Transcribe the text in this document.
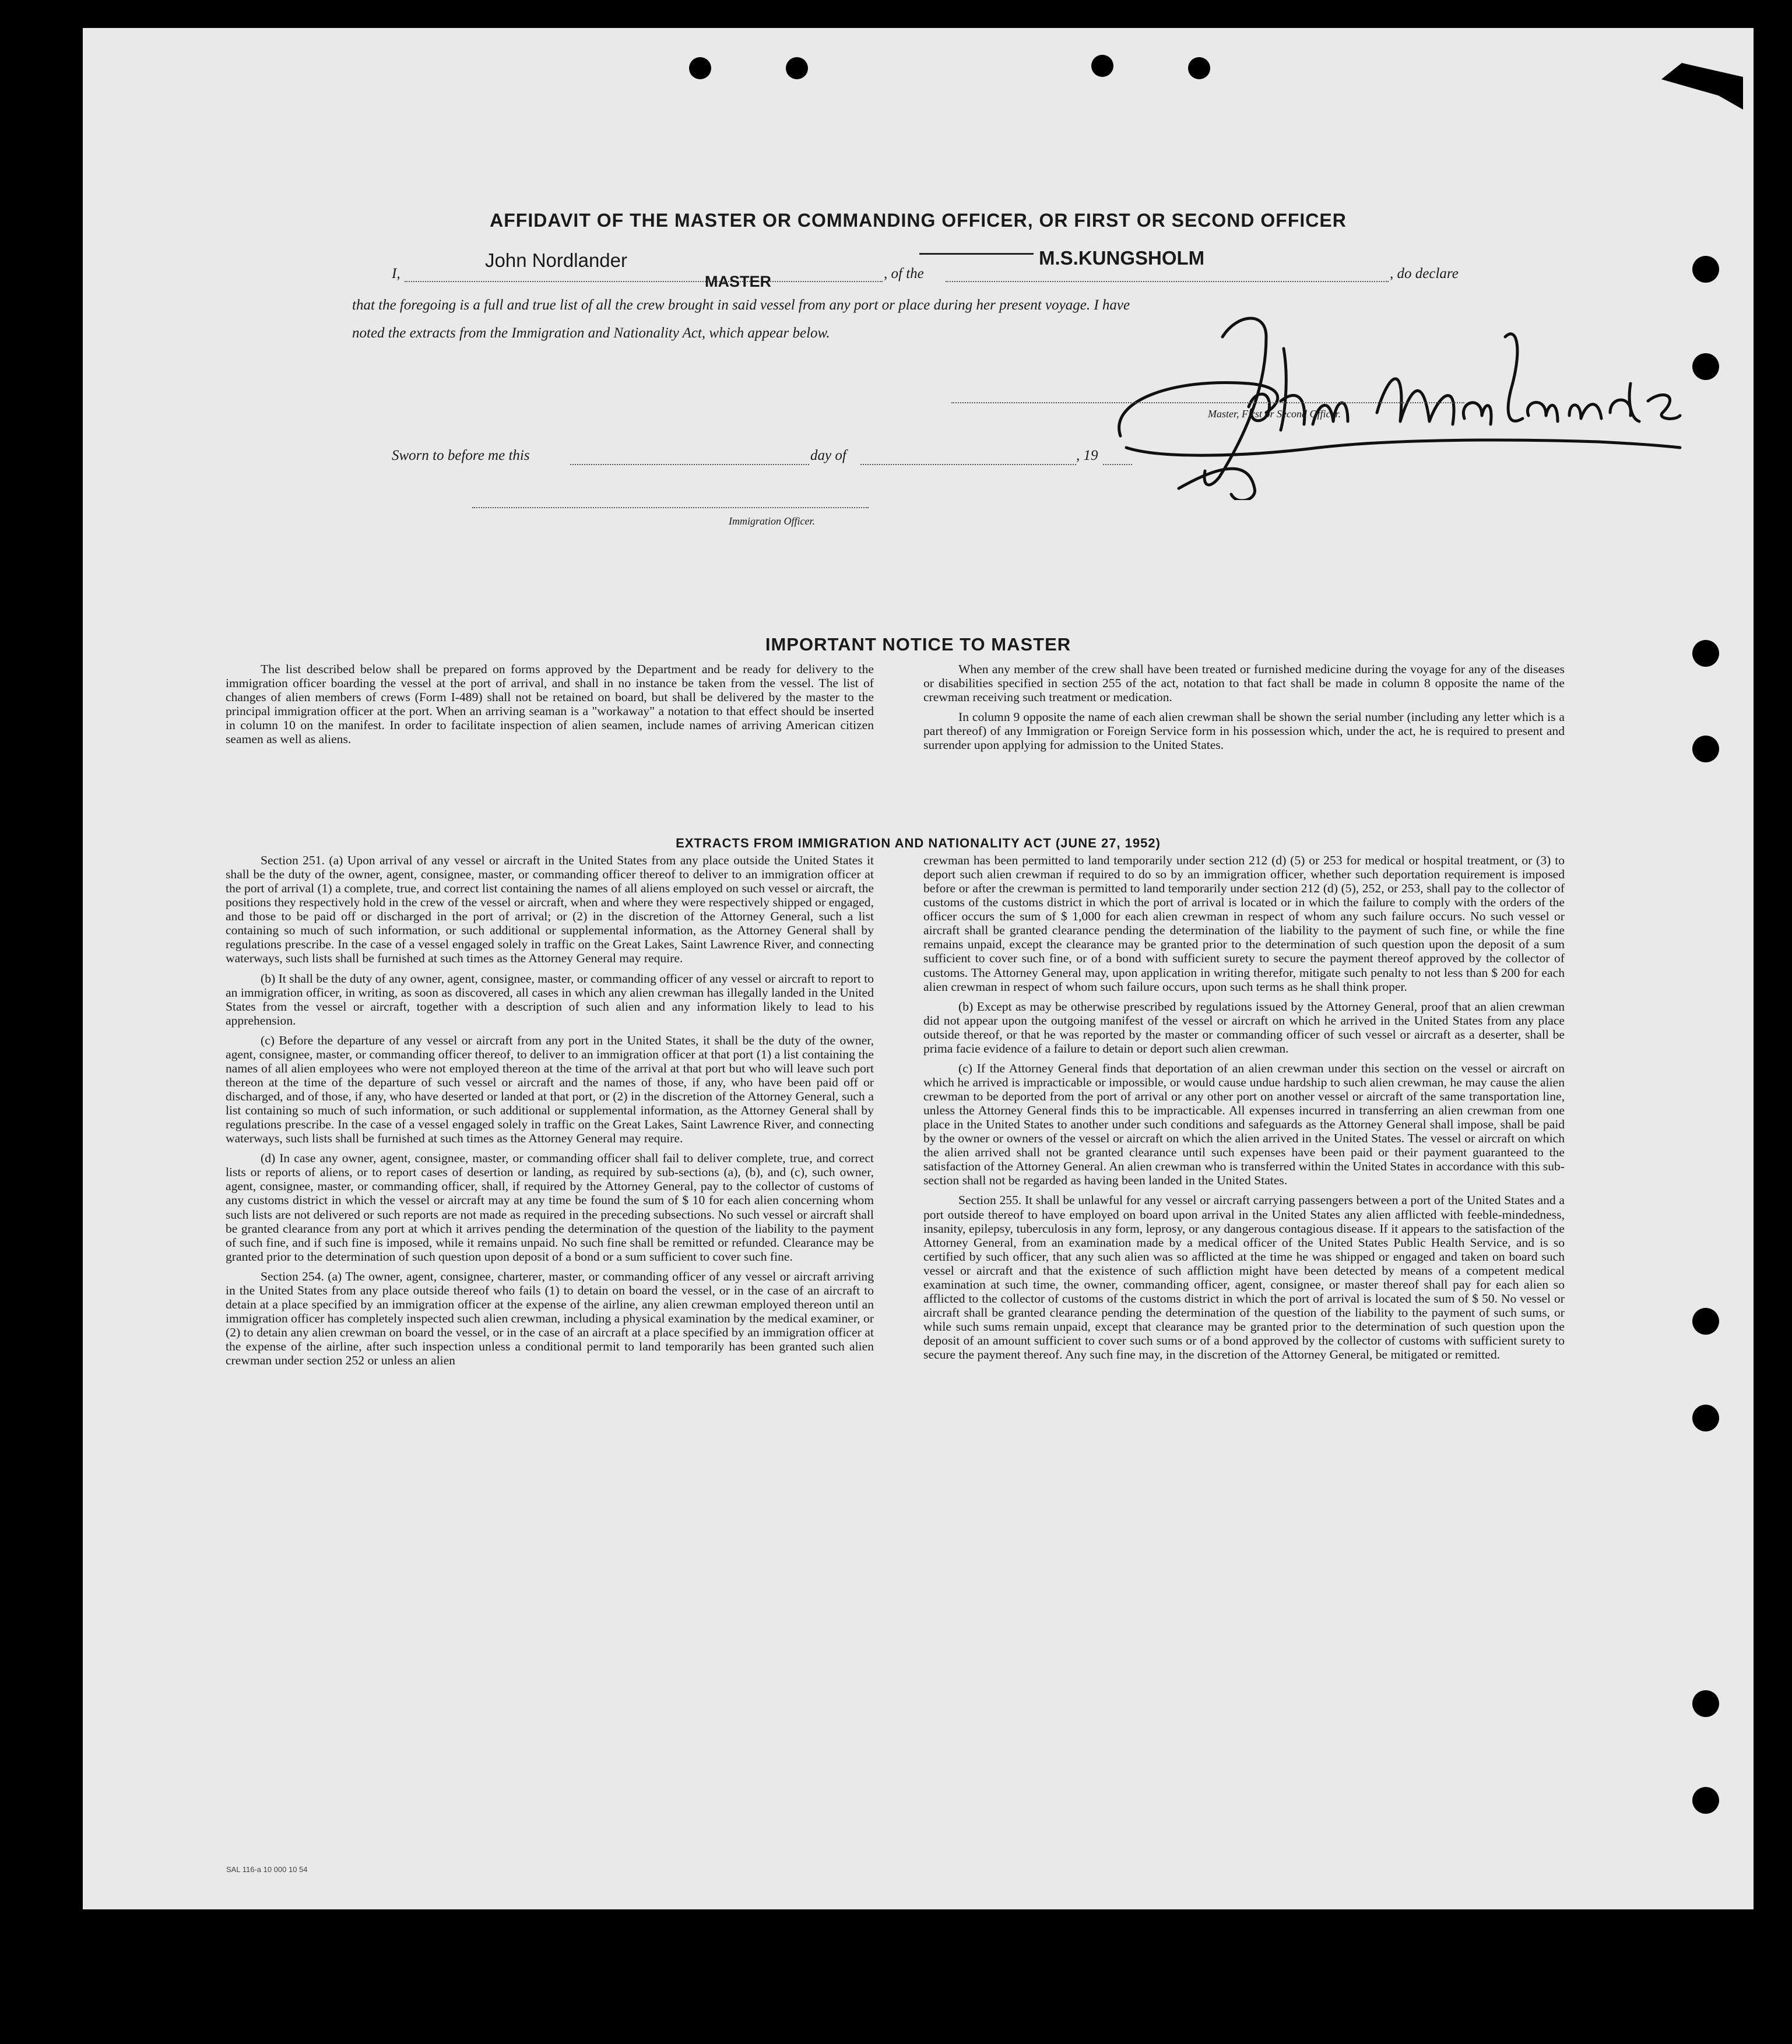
AFFIDAVIT OF THE MASTER OR COMMANDING OFFICER, OR FIRST OR SECOND OFFICER
I,
John Nordlander
MASTER	, of the
M.S.KUNGSHOLM
, do declare
that the foregoing is a full and true list of all the crew brought in said vessel from any port or place during her present voyage. I have
noted the extracts from the Immigration and Nationality Act, which appear below.
Master, First or Second Officer.
Sworn to before me this	day of	, 19
Immigration Officer.
IMPORTANT NOTICE TO MASTER

The list described below shall be prepared on forms approved by the Department and be ready for delivery to the immigration officer boarding the vessel at the port of arrival, and shall in no instance be taken from the vessel. The list of changes of alien members of crews (Form I-489) shall not be retained on board, but shall be delivered by the master to the principal immigration officer at the port. When an arriving seaman is a "workaway" a notation to that effect should be inserted in column 10 on the manifest. In order to facilitate inspection of alien seamen, include names of arriving American citizen seamen as well as aliens.

When any member of the crew shall have been treated or furnished medicine during the voyage for any of the diseases or disabilities specified in section 255 of the act, notation to that fact shall be made in column 8 opposite the name of the crewman receiving such treatment or medication.

In column 9 opposite the name of each alien crewman shall be shown the serial number (including any letter which is a part thereof) of any Immigration or Foreign Service form in his possession which, under the act, he is required to present and surrender upon applying for admission to the United States.

EXTRACTS FROM IMMIGRATION AND NATIONALITY ACT (JUNE 27, 1952)

Section 251. (a) Upon arrival of any vessel or aircraft in the United States from any place outside the United States it shall be the duty of the owner, agent, consignee, master, or commanding officer thereof to deliver to an immigration officer at the port of arrival (1) a complete, true, and correct list containing the names of all aliens employed on such vessel or aircraft, the positions they respectively hold in the crew of the vessel or aircraft, when and where they were respectively shipped or engaged, and those to be paid off or discharged in the port of arrival; or (2) in the discretion of the Attorney General, such a list containing so much of such information, or such additional or supplemental information, as the Attorney General shall by regulations prescribe. In the case of a vessel engaged solely in traffic on the Great Lakes, Saint Lawrence River, and connecting waterways, such lists shall be furnished at such times as the Attorney General may require.

(b) It shall be the duty of any owner, agent, consignee, master, or commanding officer of any vessel or aircraft to report to an immigration officer, in writing, as soon as discovered, all cases in which any alien crewman has illegally landed in the United States from the vessel or aircraft, together with a description of such alien and any information likely to lead to his apprehension.

(c) Before the departure of any vessel or aircraft from any port in the United States, it shall be the duty of the owner, agent, consignee, master, or commanding officer thereof, to deliver to an immigration officer at that port (1) a list containing the names of all alien employees who were not employed thereon at the time of the arrival at that port but who will leave such port thereon at the time of the departure of such vessel or aircraft and the names of those, if any, who have been paid off or discharged, and of those, if any, who have deserted or landed at that port, or (2) in the discretion of the Attorney General, such a list containing so much of such information, or such additional or supplemental information, as the Attorney General shall by regulations prescribe. In the case of a vessel engaged solely in traffic on the Great Lakes, Saint Lawrence River, and connecting waterways, such lists shall be furnished at such times as the Attorney General may require.

(d) In case any owner, agent, consignee, master, or commanding officer shall fail to deliver complete, true, and correct lists or reports of aliens, or to report cases of desertion or landing, as required by sub-sections (a), (b), and (c), such owner, agent, consignee, master, or commanding officer, shall, if required by the Attorney General, pay to the collector of customs of any customs district in which the vessel or aircraft may at any time be found the sum of $ 10 for each alien concerning whom such lists are not delivered or such reports are not made as required in the preceding subsections. No such vessel or aircraft shall be granted clearance from any port at which it arrives pending the determination of the question of the liability to the payment of such fine, and if such fine is imposed, while it remains unpaid. No such fine shall be remitted or refunded. Clearance may be granted prior to the determination of such question upon deposit of a bond or a sum sufficient to cover such fine.

Section 254. (a) The owner, agent, consignee, charterer, master, or commanding officer of any vessel or aircraft arriving in the United States from any place outside thereof who fails (1) to detain on board the vessel, or in the case of an aircraft to detain at a place specified by an immigration officer at the expense of the airline, any alien crewman employed thereon until an immigration officer has completely inspected such alien crewman, including a physical examination by the medical examiner, or (2) to detain any alien crewman on board the vessel, or in the case of an aircraft at a place specified by an immigration officer at the expense of the airline, after such inspection unless a conditional permit to land temporarily has been granted such alien crewman under section 252 or unless an alien

crewman has been permitted to land temporarily under section 212 (d) (5) or 253 for medical or hospital treatment, or (3) to deport such alien crewman if required to do so by an immigration officer, whether such deportation requirement is imposed before or after the crewman is permitted to land temporarily under section 212 (d) (5), 252, or 253, shall pay to the collector of customs of the customs district in which the port of arrival is located or in which the failure to comply with the orders of the officer occurs the sum of $ 1,000 for each alien crewman in respect of whom any such failure occurs. No such vessel or aircraft shall be granted clearance pending the determination of the liability to the payment of such fine, or while the fine remains unpaid, except the clearance may be granted prior to the determination of such question upon the deposit of a sum sufficient to cover such fine, or of a bond with sufficient surety to secure the payment thereof approved by the collector of customs. The Attorney General may, upon application in writing therefor, mitigate such penalty to not less than $ 200 for each alien crewman in respect of whom such failure occurs, upon such terms as he shall think proper.

(b) Except as may be otherwise prescribed by regulations issued by the Attorney General, proof that an alien crewman did not appear upon the outgoing manifest of the vessel or aircraft on which he arrived in the United States from any place outside thereof, or that he was reported by the master or commanding officer of such vessel or aircraft as a deserter, shall be prima facie evidence of a failure to detain or deport such alien crewman.

(c) If the Attorney General finds that deportation of an alien crewman under this section on the vessel or aircraft on which he arrived is impracticable or impossible, or would cause undue hardship to such alien crewman, he may cause the alien crewman to be deported from the port of arrival or any other port on another vessel or aircraft of the same transportation line, unless the Attorney General finds this to be impracticable. All expenses incurred in transferring an alien crewman from one place in the United States to another under such conditions and safeguards as the Attorney General shall impose, shall be paid by the owner or owners of the vessel or aircraft on which the alien arrived in the United States. The vessel or aircraft on which the alien arrived shall not be granted clearance until such expenses have been paid or their payment guaranteed to the satisfaction of the Attorney General. An alien crewman who is transferred within the United States in accordance with this sub-section shall not be regarded as having been landed in the United States.

Section 255. It shall be unlawful for any vessel or aircraft carrying passengers between a port of the United States and a port outside thereof to have employed on board upon arrival in the United States any alien afflicted with feeble-mindedness, insanity, epilepsy, tuberculosis in any form, leprosy, or any dangerous contagious disease. If it appears to the satisfaction of the Attorney General, from an examination made by a medical officer of the United States Public Health Service, and is so certified by such officer, that any such alien was so afflicted at the time he was shipped or engaged and taken on board such vessel or aircraft and that the existence of such affliction might have been detected by means of a competent medical examination at such time, the owner, commanding officer, agent, consignee, or master thereof shall pay for each alien so afflicted to the collector of customs of the customs district in which the port of arrival is located the sum of $ 50. No vessel or aircraft shall be granted clearance pending the determination of the question of the liability to the payment of such sums, or while such sums remain unpaid, except that clearance may be granted prior to the determination of such question upon the deposit of an amount sufficient to cover such sums or of a bond approved by the collector of customs with sufficient surety to secure the payment thereof. Any such fine may, in the discretion of the Attorney General, be mitigated or remitted.

SAL 116-a 10 000 10 54
